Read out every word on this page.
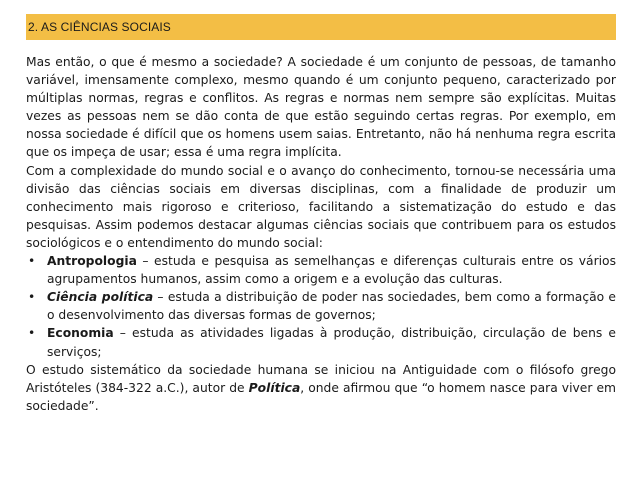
2. AS CIÊNCIAS SOCIAIS

Mas então, o que é mesmo a sociedade? A sociedade é um conjunto de pessoas, de tamanho variável, imensamente complexo, mesmo quando é um conjunto pequeno, caracterizado por múltiplas normas, regras e conflitos. As regras e normas nem sempre são explícitas. Muitas vezes as pessoas nem se dão conta de que estão seguindo certas regras. Por exemplo, em nossa sociedade é difícil que os homens usem saias. Entretanto, não há nenhuma regra escrita que os impeça de usar; essa é uma regra implícita.

Com a complexidade do mundo social e o avanço do conhecimento, tornou-se necessária uma divisão das ciências sociais em diversas disciplinas, com a finalidade de produzir um conhecimento mais rigoroso e criterioso, facilitando a sistematização do estudo e das pesquisas. Assim podemos destacar algumas ciências sociais que contribuem para os estudos sociológicos e o entendimento do mundo social:

• Antropologia – estuda e pesquisa as semelhanças e diferenças culturais entre os vários agrupamentos humanos, assim como a origem e a evolução das culturas.
• Ciência política – estuda a distribuição de poder nas sociedades, bem como a formação e o desenvolvimento das diversas formas de governos;
• Economia – estuda as atividades ligadas à produção, distribuição, circulação de bens e serviços;

O estudo sistemático da sociedade humana se iniciou na Antiguidade com o filósofo grego Aristóteles (384-322 a.C.), autor de Política, onde afirmou que “o homem nasce para viver em sociedade”.
